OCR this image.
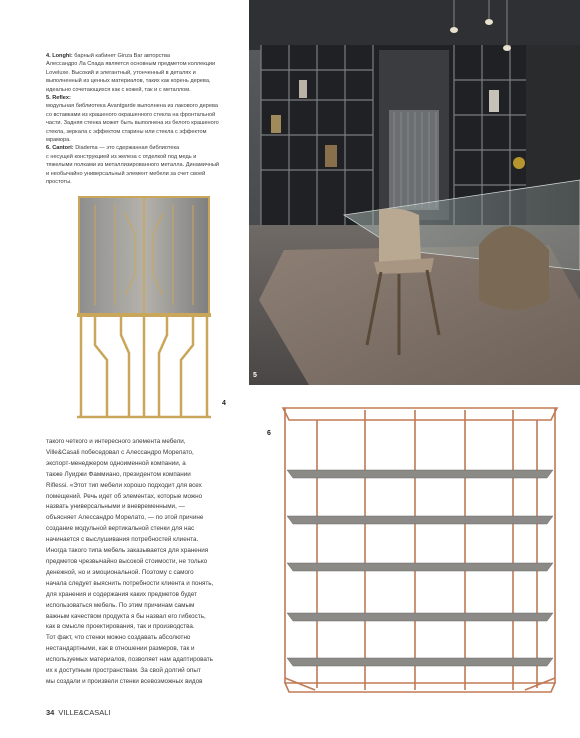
4. Longhi: барный кабинет Ginza Bar авторства
Алессандро Ла Спада является основным предметом коллекции
Loveluxe. Высокий и элегантный, утонченный в деталях и
выполненный из ценных материалов, таких как корень дерева,
идеально сочетающихся как с кожей, так и с металлом.
5. Reflex:
модульная библиотека Avantgarde выполнена из лакового дерева
со вставками из крашеного окрашенного стекла на фронтальной
части. Задняя стенка может быть выполнена из белого крашеного
стекла, зеркала с эффектом старины или стекла с эффектом
мрамора.
6. Cantori: Diadema — это сдержанная библиотека
с несущей конструкцией из железа с отделкой под медь и
тяжелыми полками из металлизированного металла. Динамичный
и необычайно универсальный элемент мебели за счет своей
простоты.
5
4
6
такого четкого и интересного элемента мебели,
Ville&Casali побеседовал с Алессандро Морелато,
экспорт-менеджером одноименной компании, а
также Луиджи Фаммиано, президентом компании
Riflessi. «Этот тип мебели хорошо подходит для всех
помещений. Речь идет об элементах, которые можно
назвать универсальными и вневременными, —
объясняет Алессандро Морелато, — по этой причине
создание модульной вертикальной стенки для нас
начинается с выслушивания потребностей клиента.
Иногда такого типа мебель заказывается для хранения
предметов чрезвычайно высокой стоимости, не только
денежной, но и эмоциональной. Поэтому с самого
начала следует выяснить потребности клиента и понять,
для хранения и содержания каких предметов будет
использоваться мебель. По этим причинам самым
важным качеством продукта я бы назвал его гибкость,
как в смысле проектирования, так и производства.
Тот факт, что стенки можно создавать абсолютно
нестандартными, как в отношении размеров, так и
используемых материалов, позволяет нам адаптировать
их к доступным пространствам. За свой долгий опыт
мы создали и произвели стенки всевозможных видов
34 VILLE&CASALI
